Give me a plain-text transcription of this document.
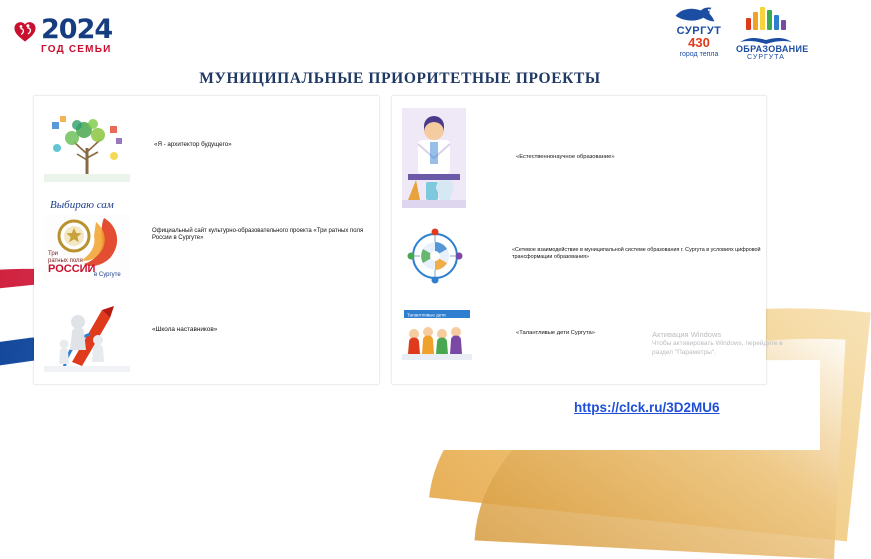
2024
ГОД СЕМЬИ
СУРГУТ
430
город тепла
ОБРАЗОВАНИЕ
СУРГУТА
МУНИЦИПАЛЬНЫЕ ПРИОРИТЕТНЫЕ ПРОЕКТЫ
«Я - архитектор будущего»
Выбираю сам
Три
ратных поля
РОССИИ
в Сургуте
Официальный сайт культурно-образовательного проекта «Три ратных поля России в Сургуте»
«Школа наставников»
«Естественнонаучное образование»
«Сетевое взаимодействие в муниципальной системе образования г. Сургута в условиях цифровой трансформации образования»
Талантливые дети
«Талантливые дети Сургута»	Активация Windows
Чтобы активировать Windows, перейдите в раздел "Параметры".
https://clck.ru/3D2MU6
